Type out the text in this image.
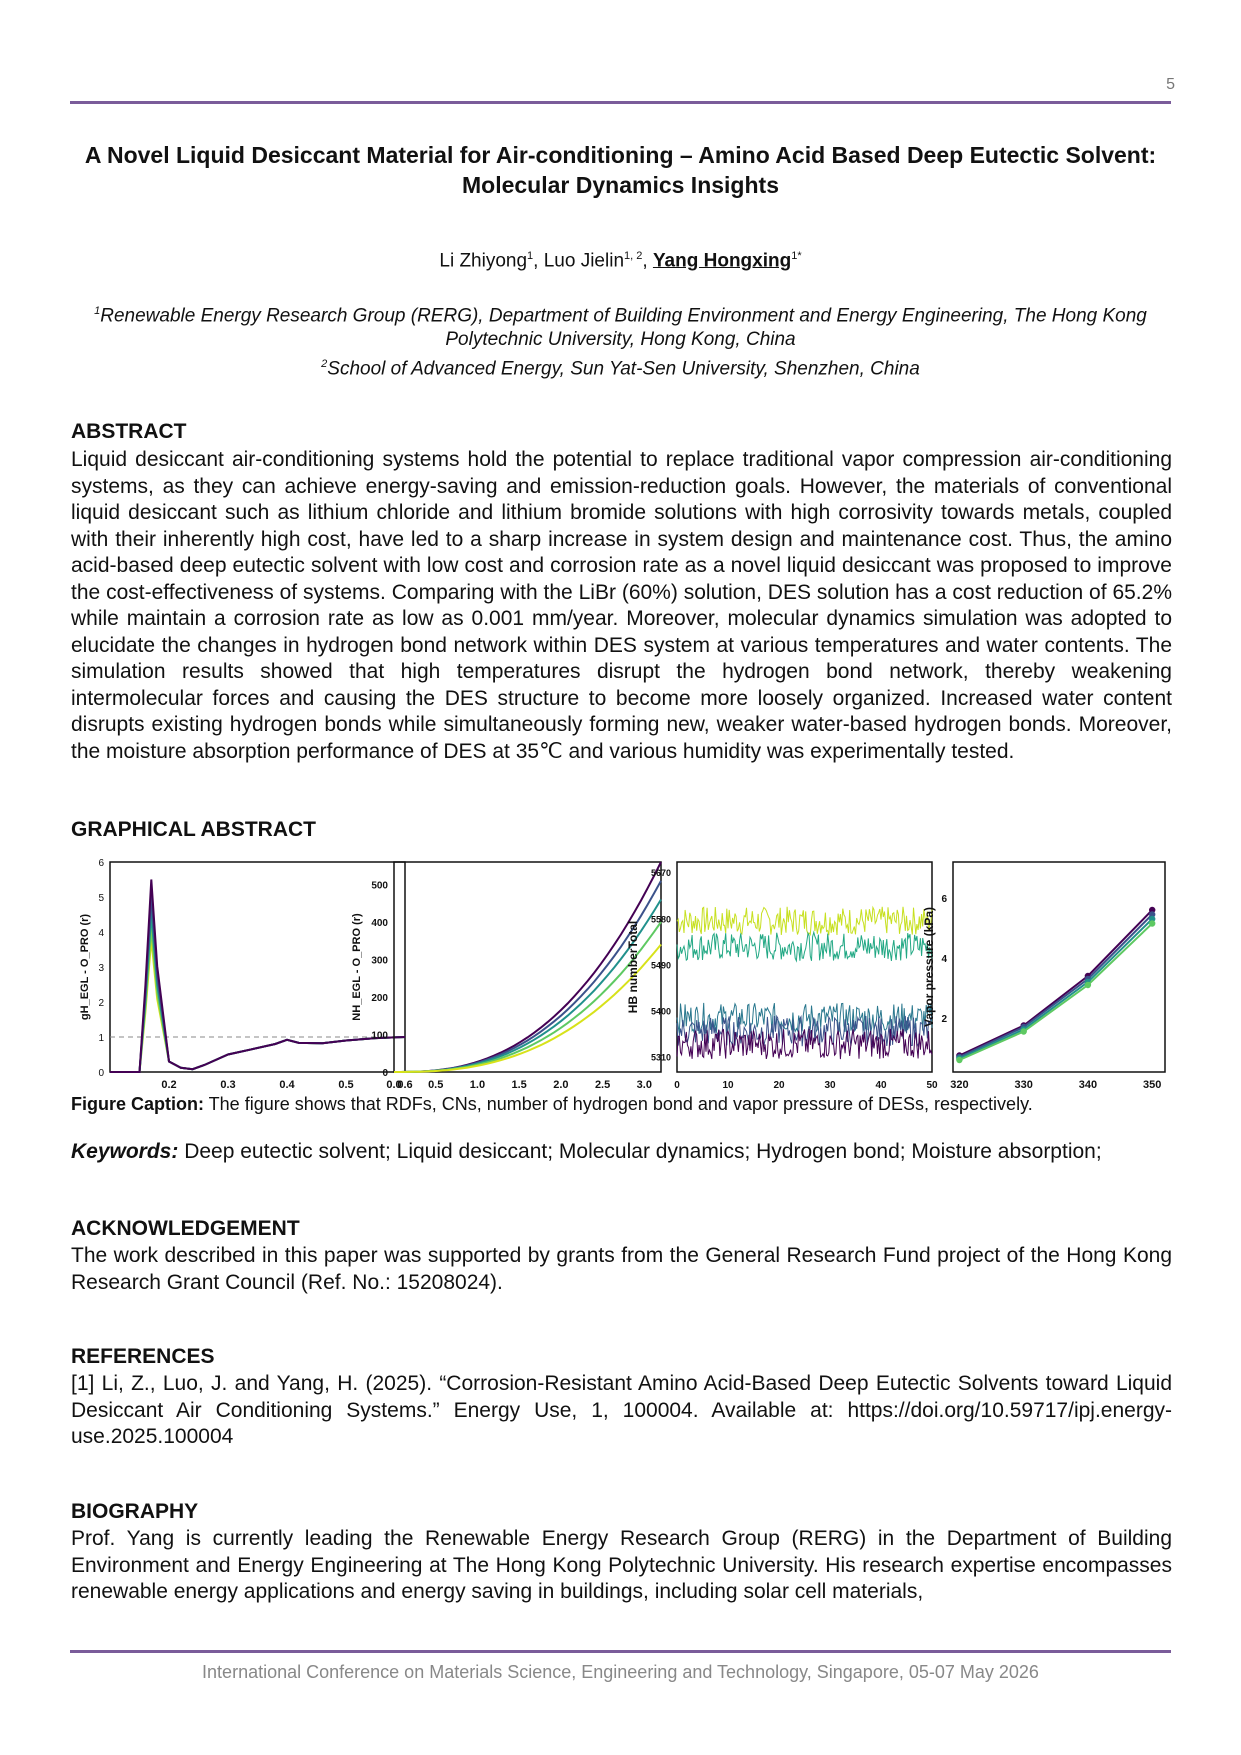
5
A Novel Liquid Desiccant Material for Air-conditioning – Amino Acid Based Deep Eutectic Solvent: Molecular Dynamics Insights
Li Zhiyong$^1$, Luo Jielin$^{1, 2}$, Yang Hongxing$^{1*}$
$^1$Renewable Energy Research Group (RERG), Department of Building Environment and Energy Engineering, The Hong Kong Polytechnic University, Hong Kong, China
$^2$School of Advanced Energy, Sun Yat-Sen University, Shenzhen, China
ABSTRACT
Liquid desiccant air-conditioning systems hold the potential to replace traditional vapor compression air-conditioning systems, as they can achieve energy-saving and emission-reduction goals. However, the materials of conventional liquid desiccant such as lithium chloride and lithium bromide solutions with high corrosivity towards metals, coupled with their inherently high cost, have led to a sharp increase in system design and maintenance cost. Thus, the amino acid-based deep eutectic solvent with low cost and corrosion rate as a novel liquid desiccant was proposed to improve the cost-effectiveness of systems. Comparing with the LiBr (60%) solution, DES solution has a cost reduction of 65.2% while maintain a corrosion rate as low as 0.001 mm/year. Moreover, molecular dynamics simulation was adopted to elucidate the changes in hydrogen bond network within DES system at various temperatures and water contents. The simulation results showed that high temperatures disrupt the hydrogen bond network, thereby weakening intermolecular forces and causing the DES structure to become more loosely organized. Increased water content disrupts existing hydrogen bonds while simultaneously forming new, weaker water-based hydrogen bonds. Moreover, the moisture absorption performance of DES at 35℃ and various humidity was experimentally tested.
GRAPHICAL ABSTRACT
0
1
2
3
4
5
6
0.2	0.3	0.4	0.5	0.6
gH_EGL - O_PRO (r)
0
100
200
300
400
500
0.0 0.5 1.0 1.5 2.0 2.5 3.0
NH_EGL - O_PRO (r)
5310
5400
5490
5580
5670
0	10	20	30	40	50
HB numberTotal
2
4
6
320	330	340	350
Vapor pressure (kPa)
Figure Caption: The figure shows that RDFs, CNs, number of hydrogen bond and vapor pressure of DESs, respectively.
Keywords: Deep eutectic solvent; Liquid desiccant; Molecular dynamics; Hydrogen bond; Moisture absorption;
ACKNOWLEDGEMENT
The work described in this paper was supported by grants from the General Research Fund project of the Hong Kong Research Grant Council (Ref. No.: 15208024).
REFERENCES
[1] Li, Z., Luo, J. and Yang, H. (2025). “Corrosion-Resistant Amino Acid-Based Deep Eutectic Solvents toward Liquid Desiccant Air Conditioning Systems.” Energy Use, 1, 100004. Available at: https://doi.org/10.59717/ipj.energy-use.2025.100004
BIOGRAPHY
Prof. Yang is currently leading the Renewable Energy Research Group (RERG) in the Department of Building Environment and Energy Engineering at The Hong Kong Polytechnic University. His research expertise encompasses renewable energy applications and energy saving in buildings, including solar cell materials,
International Conference on Materials Science, Engineering and Technology, Singapore, 05-07 May 2026
